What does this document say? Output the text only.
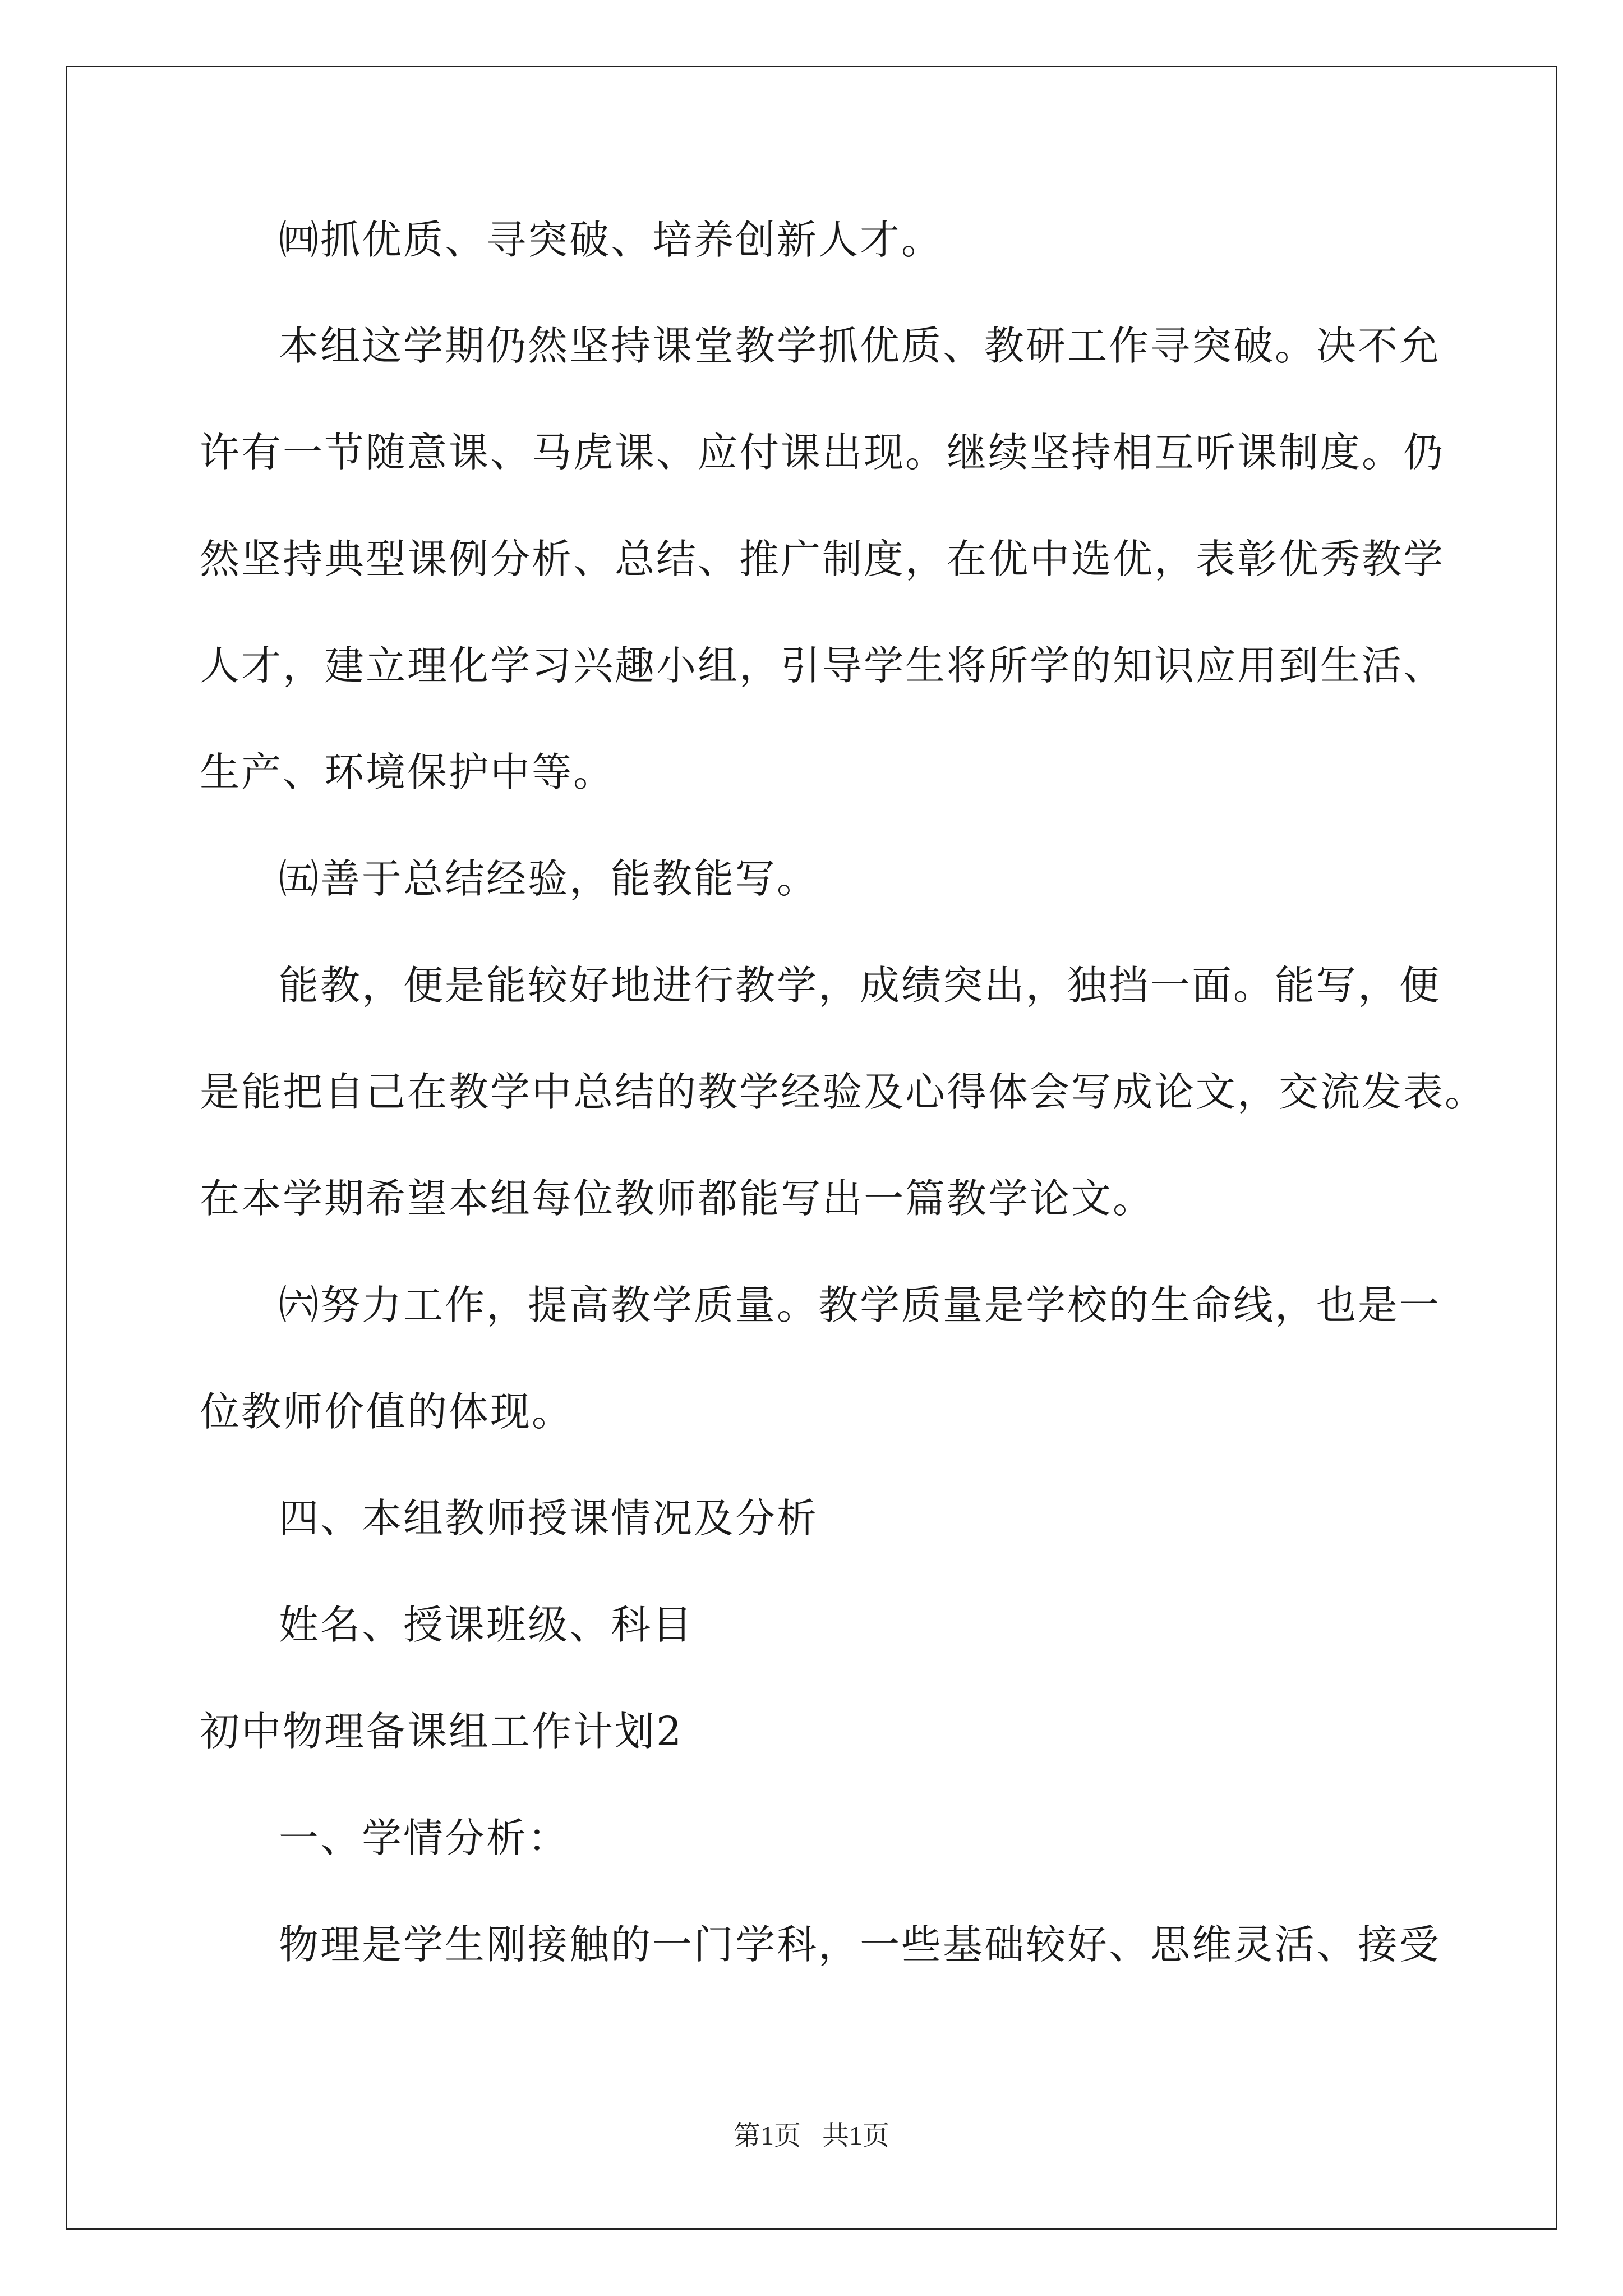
㈣抓优质、寻突破、培养创新人才。
本组这学期仍然坚持课堂教学抓优质、教研工作寻突破。决不允
许有一节随意课、马虎课、应付课出现。继续坚持相互听课制度。仍
然坚持典型课例分析、总结、推广制度，在优中选优，表彰优秀教学
人才，建立理化学习兴趣小组，引导学生将所学的知识应用到生活、
生产、环境保护中等。
㈤善于总结经验，能教能写。
能教，便是能较好地进行教学，成绩突出，独挡一面。能写，便
是能把自己在教学中总结的教学经验及心得体会写成论文，交流发表。
在本学期希望本组每位教师都能写出一篇教学论文。
㈥努力工作，提高教学质量。教学质量是学校的生命线，也是一
位教师价值的体现。
四、本组教师授课情况及分析
姓名、授课班级、科目
初中物理备课组工作计划2
一、学情分析：
物理是学生刚接触的一门学科，一些基础较好、思维灵活、接受
第1页 共1页
